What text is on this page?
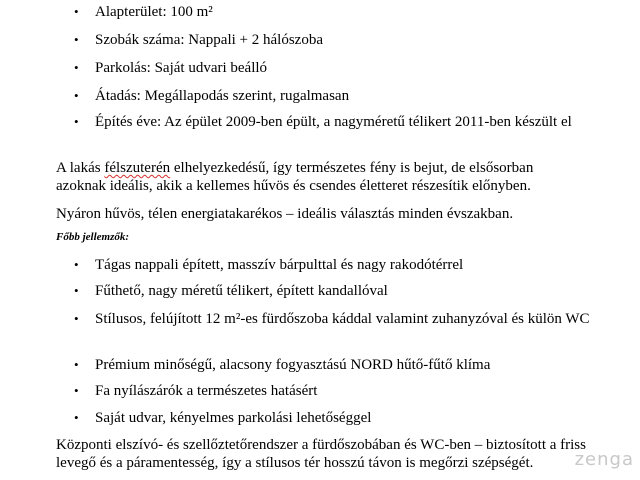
• Alapterület: 100 m²
• Szobák száma: Nappali + 2 hálószoba
• Parkolás: Saját udvari beálló
• Átadás: Megállapodás szerint, rugalmasan
• Építés éve: Az épület 2009-ben épült, a nagyméretű télikert 2011-ben készült el

A lakás félszuterén elhelyezkedésű, így természetes fény is bejut, de elsősorban azoknak ideális, akik a kellemes hűvös és csendes életteret részesítik előnyben.

Nyáron hűvös, télen energiatakarékos – ideális választás minden évszakban.

Főbb jellemzők:

• Tágas nappali épített, masszív bárpulttal és nagy rakodótérrel
• Fűthető, nagy méretű télikert, épített kandallóval
• Stílusos, felújított 12 m²-es fürdőszoba káddal valamint zuhanyzóval és külön WC
• Prémium minőségű, alacsony fogyasztású NORD hűtő-fűtő klíma
• Fa nyílászárók a természetes hatásért
• Saját udvar, kényelmes parkolási lehetőséggel

Központi elszívó- és szellőztetőrendszer a fürdőszobában és WC-ben – biztosított a friss levegő és a páramentesség, így a stílusos tér hosszú távon is megőrzi szépségét.	zenga
